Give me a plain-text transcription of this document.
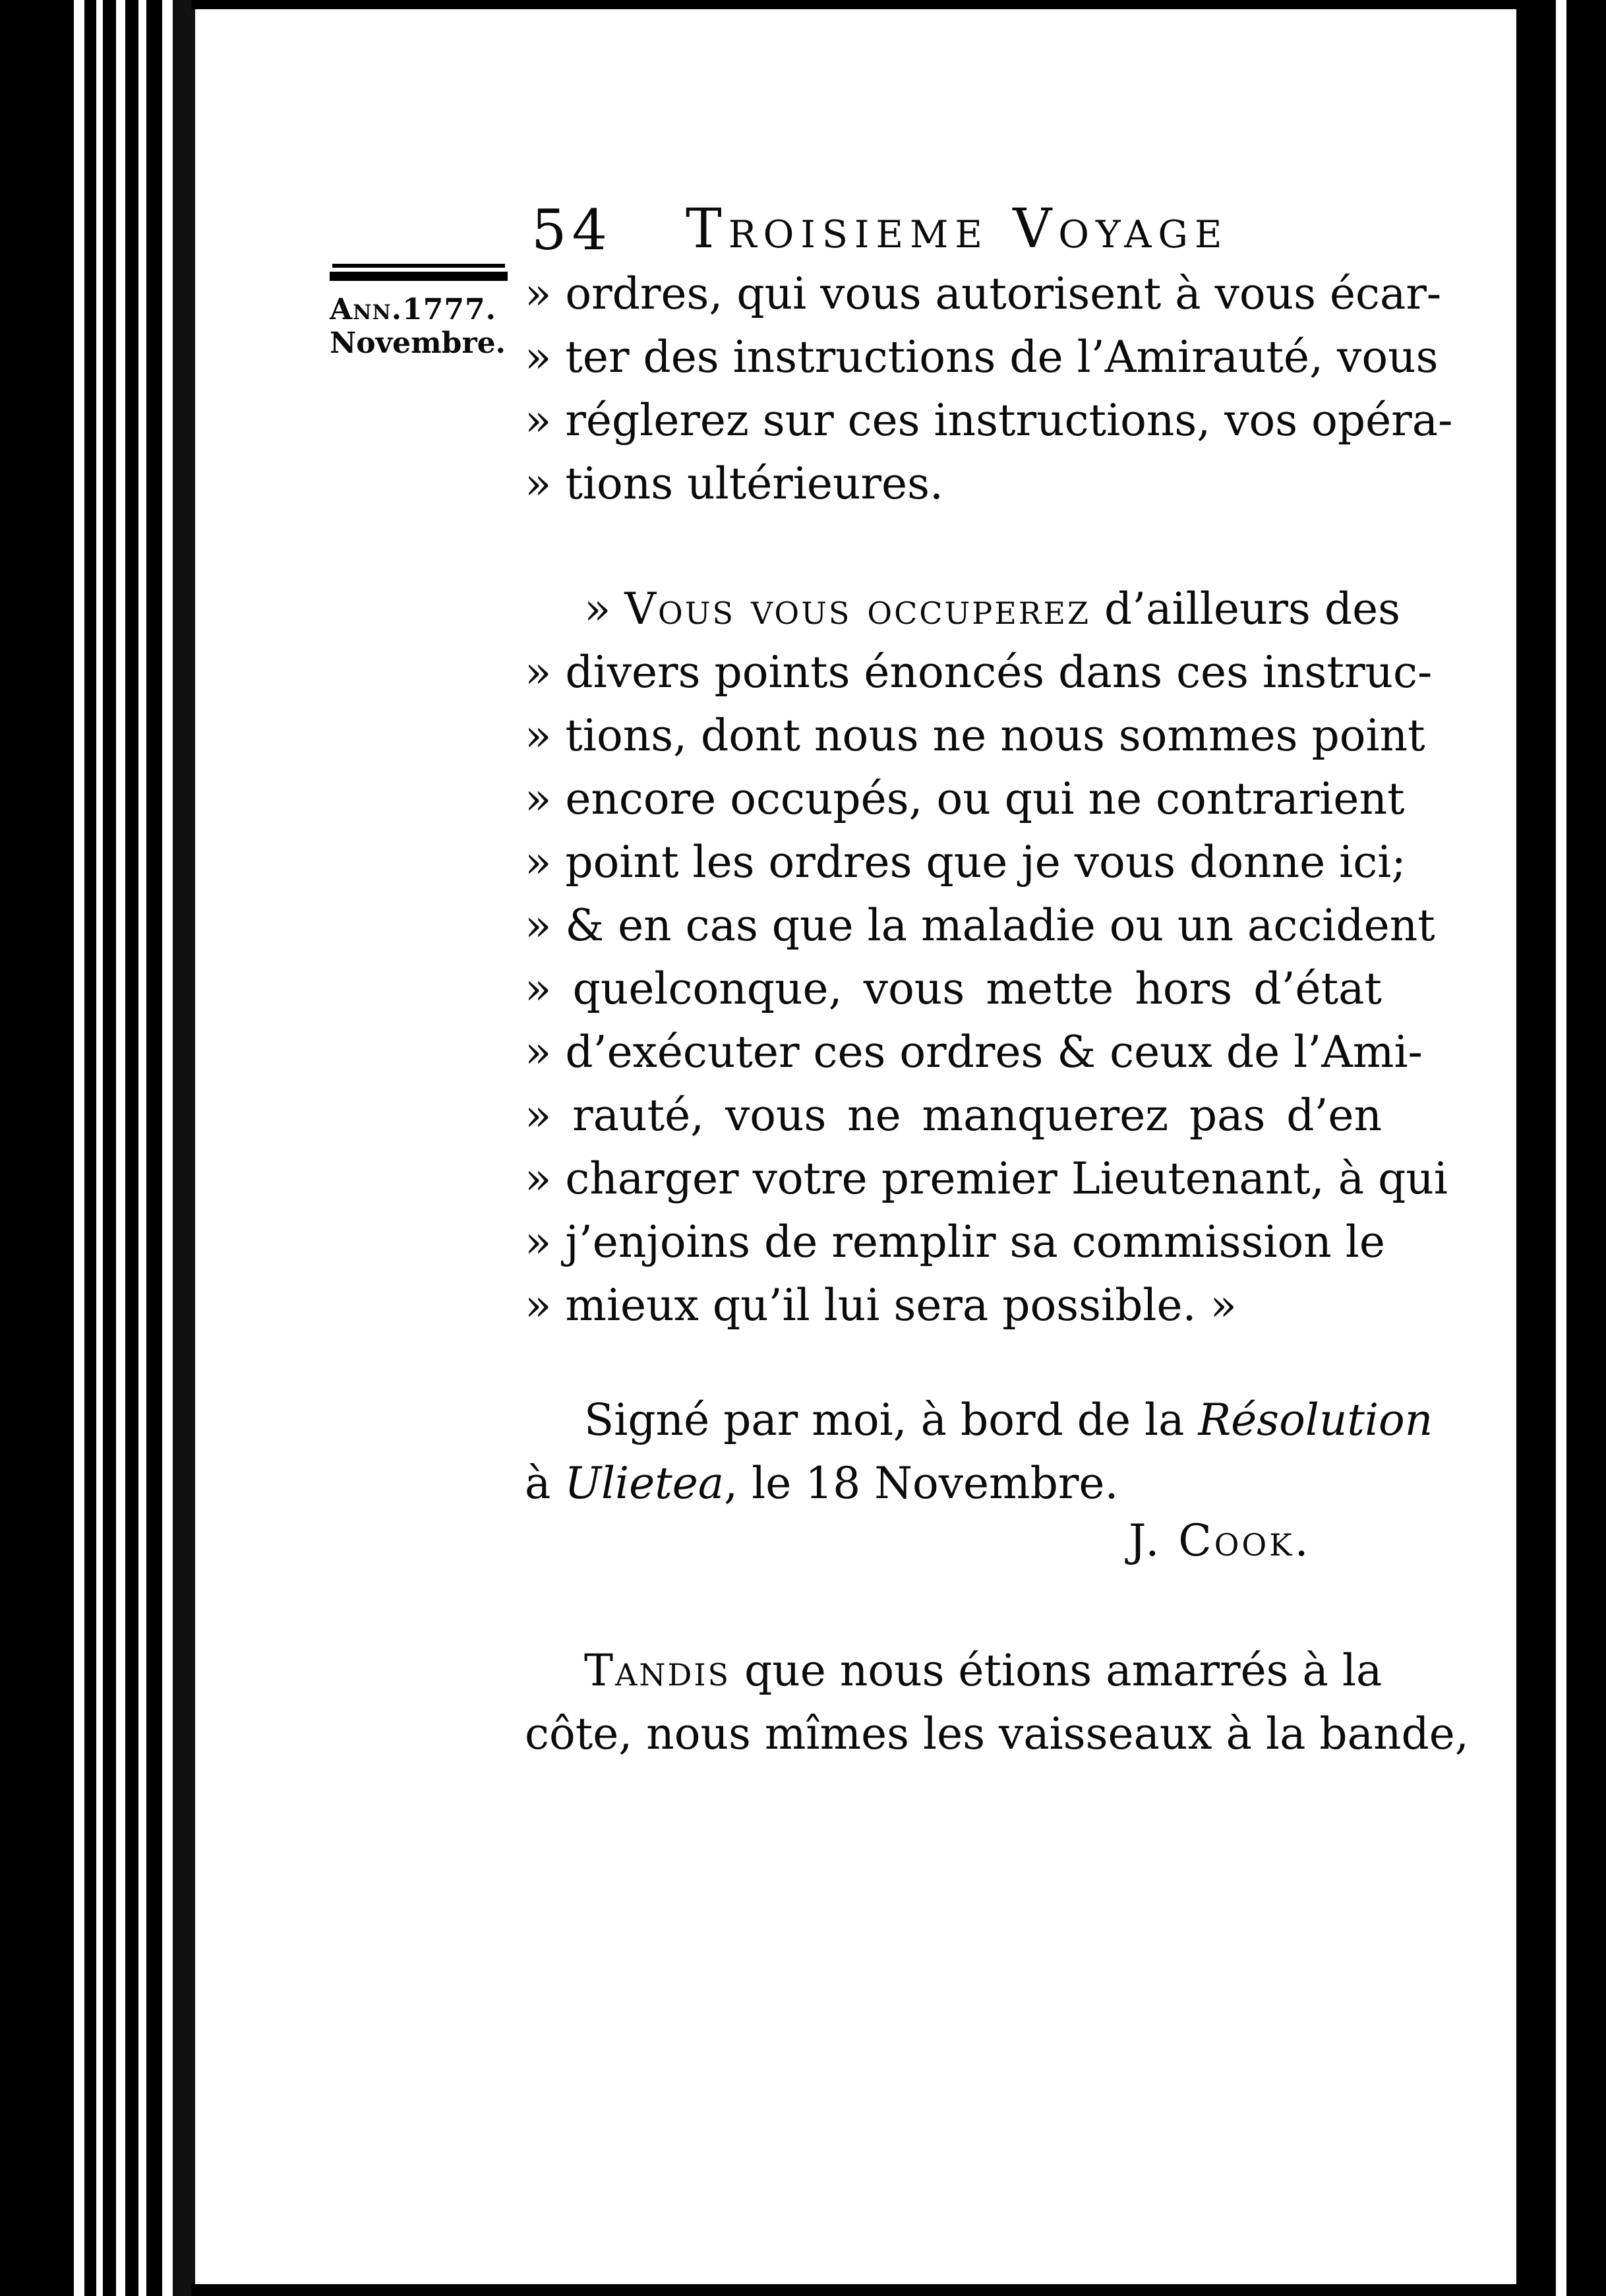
54 Troisieme Voyage
Ann.1777.
Novembre.
» ordres, qui vous autorisent à vous écar-
» ter des instructions de l’Amirauté, vous
» réglerez sur ces instructions, vos opéra-
» tions ultérieures.
» Vous vous occuperez d’ailleurs des
» divers points énoncés dans ces instruc-
» tions, dont nous ne nous sommes point
» encore occupés, ou qui ne contrarient
» point les ordres que je vous donne ici;
» & en cas que la maladie ou un accident
» quelconque, vous mette hors d’état
» d’exécuter ces ordres & ceux de l’Ami-
» rauté, vous ne manquerez pas d’en
» charger votre premier Lieutenant, à qui
» j’enjoins de remplir sa commission le
» mieux qu’il lui sera possible. »
Signé par moi, à bord de la Résolution
à Ulietea, le 18 Novembre.
J. Cook.
Tandis que nous étions amarrés à la
côte, nous mîmes les vaisseaux à la bande,
